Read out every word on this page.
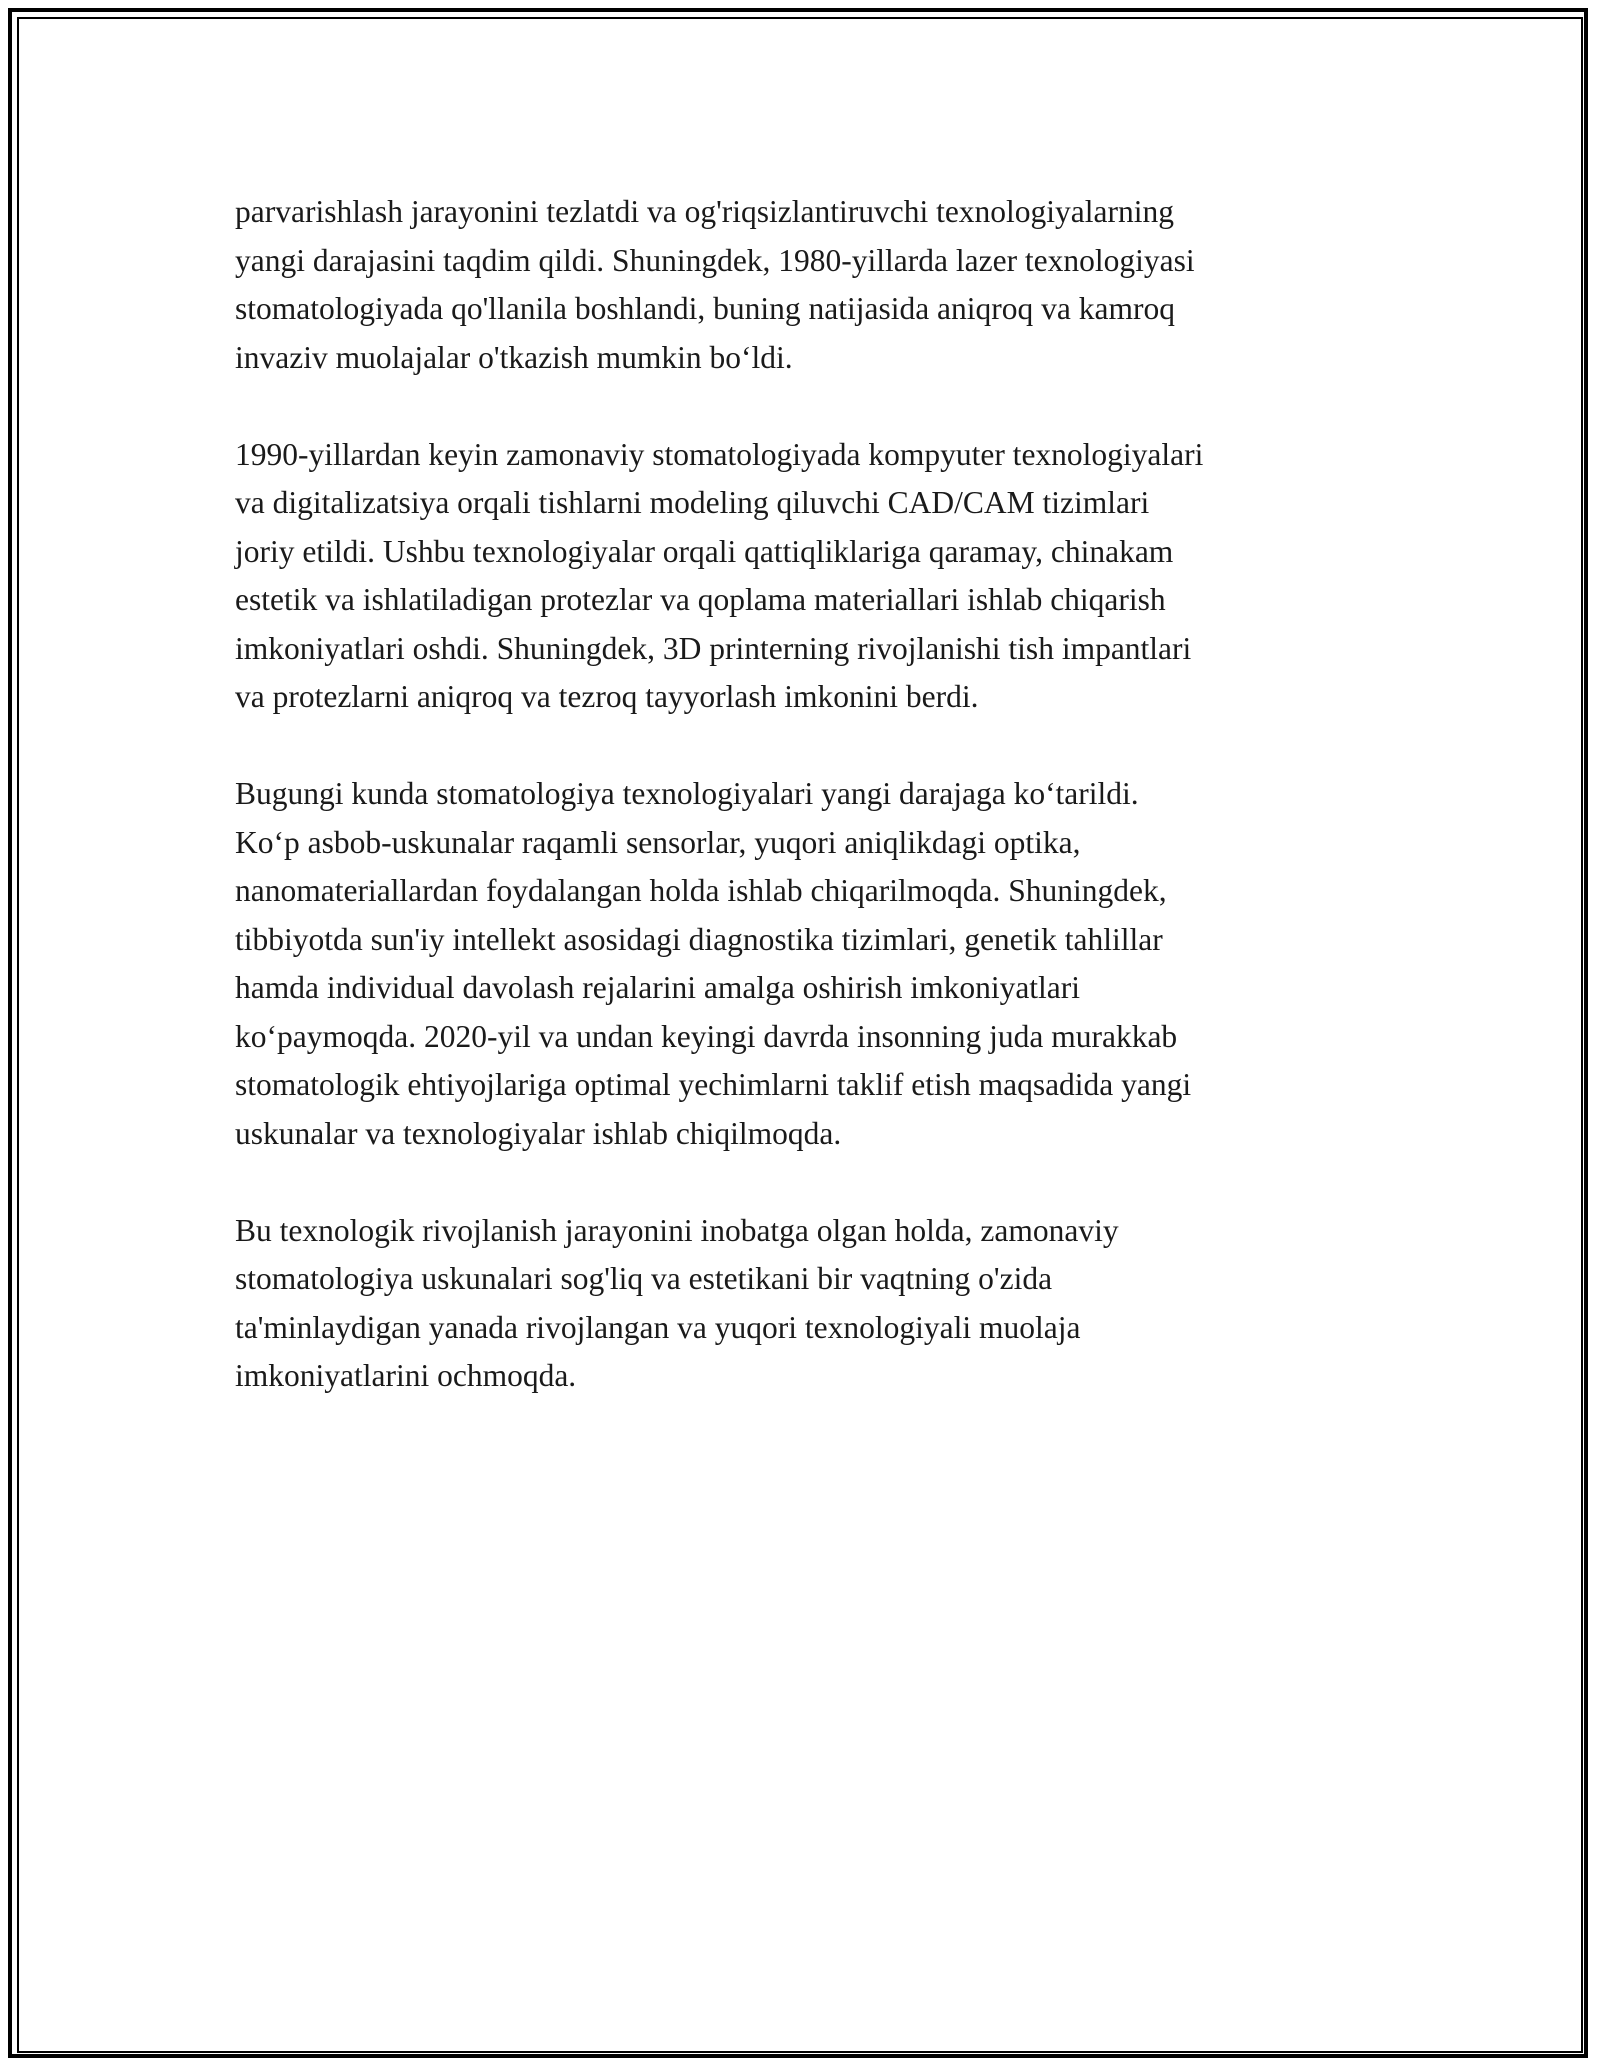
parvarishlash jarayonini tezlatdi va og'riqsizlantiruvchi texnologiyalarning
yangi darajasini taqdim qildi. Shuningdek, 1980-yillarda lazer texnologiyasi
stomatologiyada qo'llanila boshlandi, buning natijasida aniqroq va kamroq
invaziv muolajalar o'tkazish mumkin boʻldi.
1990-yillardan keyin zamonaviy stomatologiyada kompyuter texnologiyalari
va digitalizatsiya orqali tishlarni modeling qiluvchi CAD/CAM tizimlari
joriy etildi. Ushbu texnologiyalar orqali qattiqliklariga qaramay, chinakam
estetik va ishlatiladigan protezlar va qoplama materiallari ishlab chiqarish
imkoniyatlari oshdi. Shuningdek, 3D printerning rivojlanishi tish impantlari
va protezlarni aniqroq va tezroq tayyorlash imkonini berdi.
Bugungi kunda stomatologiya texnologiyalari yangi darajaga koʻtarildi.
Koʻp asbob-uskunalar raqamli sensorlar, yuqori aniqlikdagi optika,
nanomateriallardan foydalangan holda ishlab chiqarilmoqda. Shuningdek,
tibbiyotda sun'iy intellekt asosidagi diagnostika tizimlari, genetik tahlillar
hamda individual davolash rejalarini amalga oshirish imkoniyatlari
koʻpaymoqda. 2020-yil va undan keyingi davrda insonning juda murakkab
stomatologik ehtiyojlariga optimal yechimlarni taklif etish maqsadida yangi
uskunalar va texnologiyalar ishlab chiqilmoqda.
Bu texnologik rivojlanish jarayonini inobatga olgan holda, zamonaviy
stomatologiya uskunalari sog'liq va estetikani bir vaqtning o'zida
ta'minlaydigan yanada rivojlangan va yuqori texnologiyali muolaja
imkoniyatlarini ochmoqda.
